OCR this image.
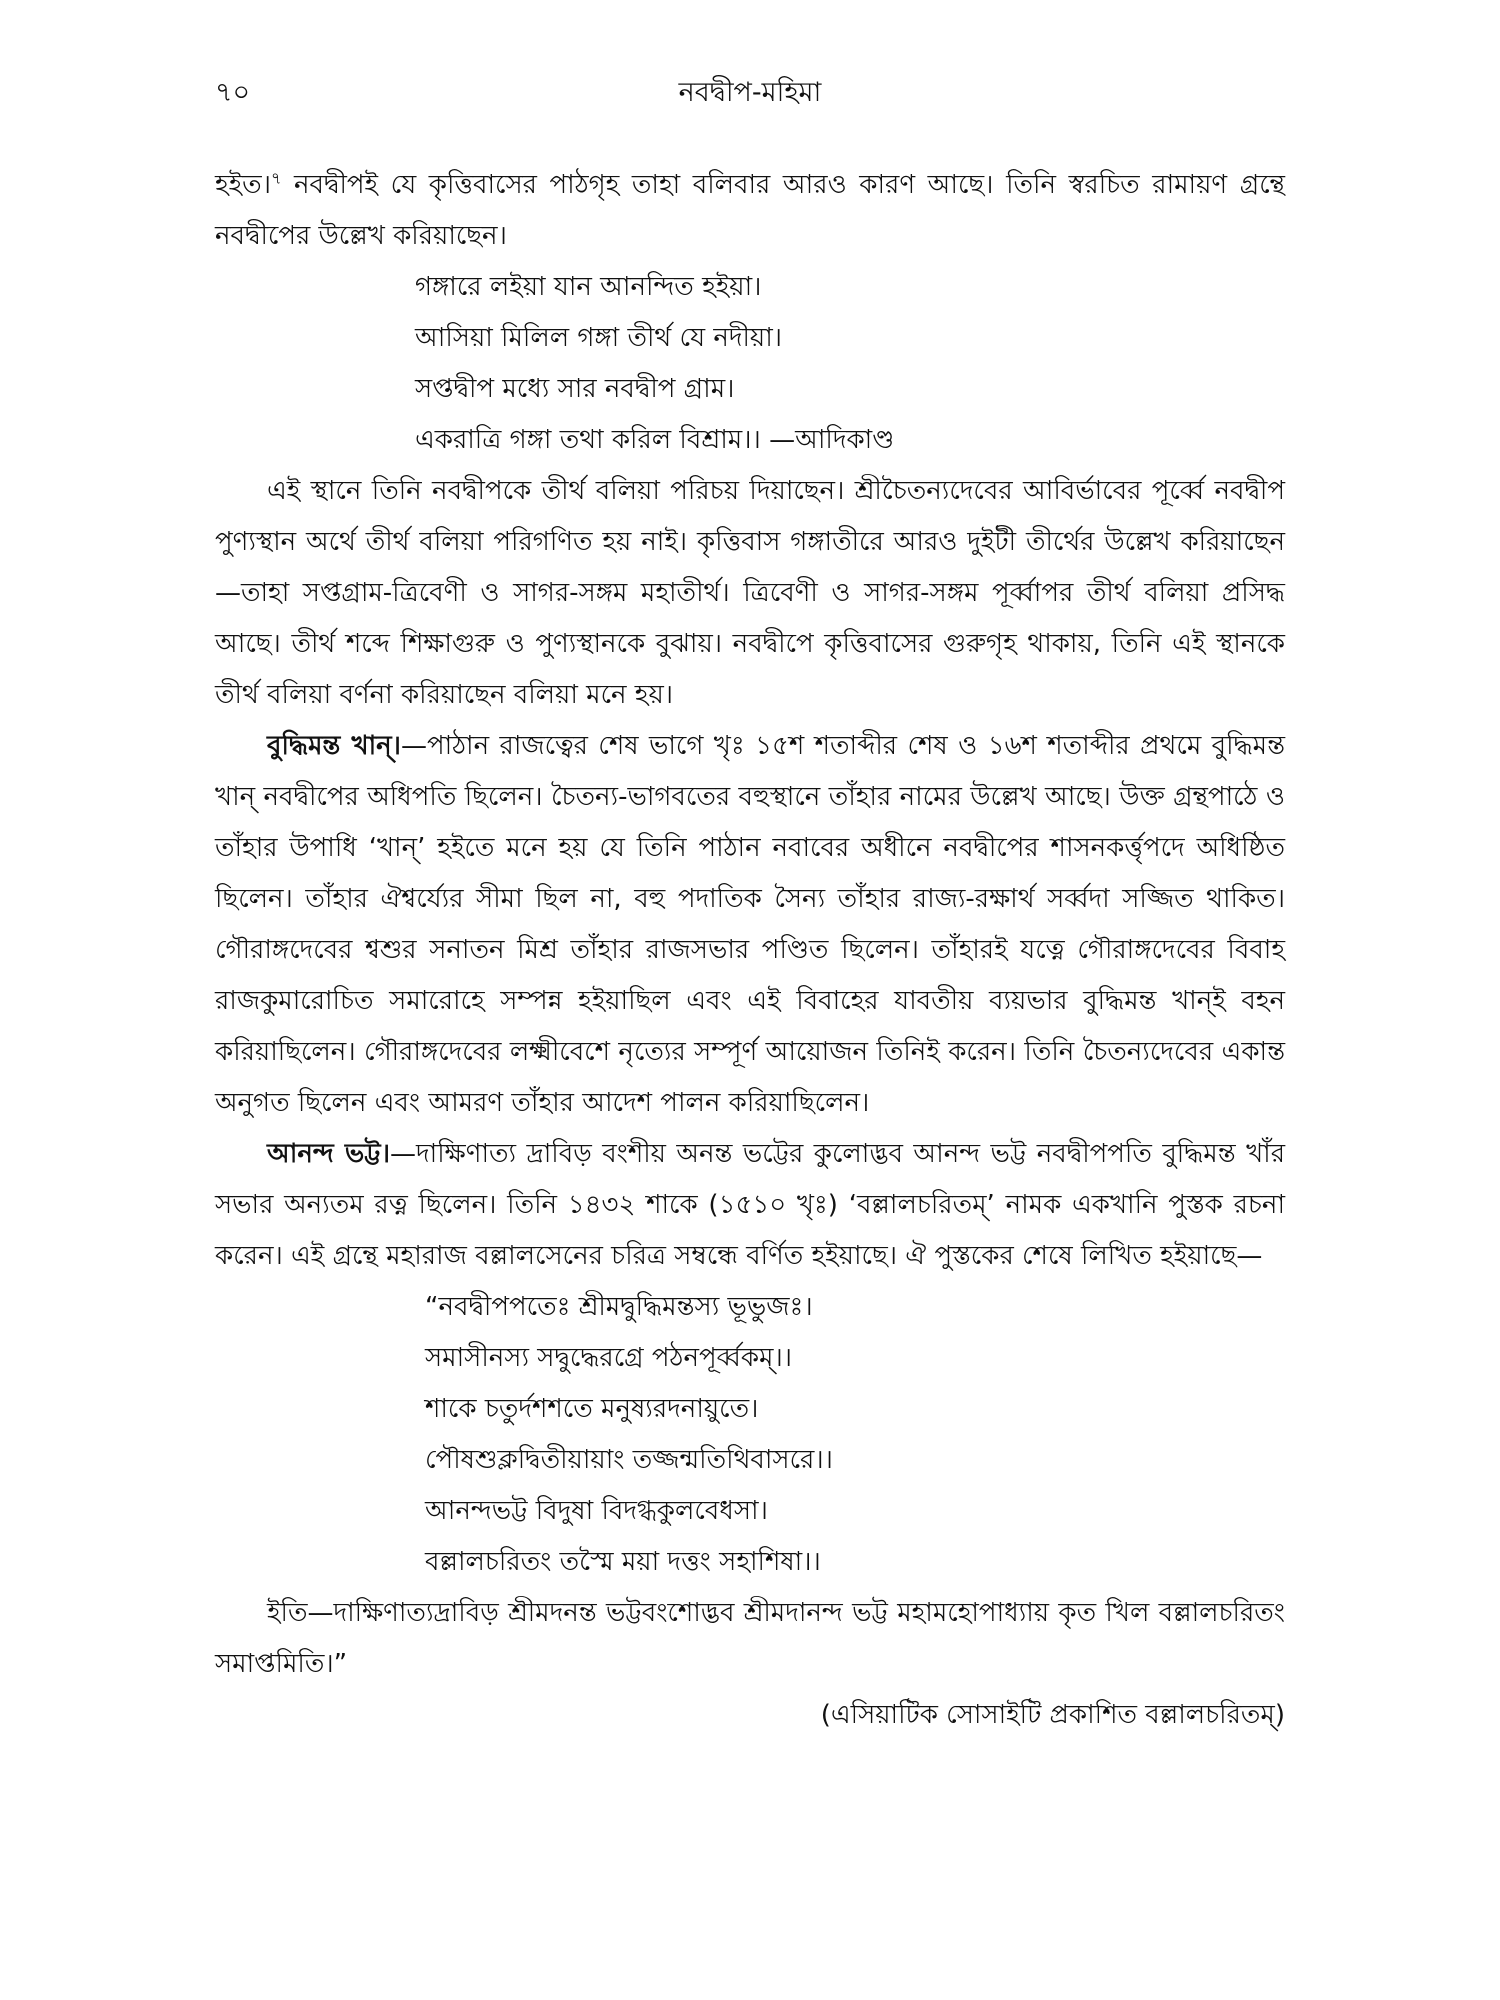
৭০	নবদ্বীপ-মহিমা

হইত।$^৭$ নবদ্বীপই যে কৃত্তিবাসের পাঠগৃহ তাহা বলিবার আরও কারণ আছে। তিনি স্বরচিত রামায়ণ গ্রন্থে নবদ্বীপের উল্লেখ করিয়াছেন।

গঙ্গারে লইয়া যান আনন্দিত হইয়া।

আসিয়া মিলিল গঙ্গা তীর্থ যে নদীয়া।

সপ্তদ্বীপ মধ্যে সার নবদ্বীপ গ্রাম।

একরাত্রি গঙ্গা তথা করিল বিশ্রাম।। —আদিকাণ্ড

এই স্থানে তিনি নবদ্বীপকে তীর্থ বলিয়া পরিচয় দিয়াছেন। শ্রীচৈতন্যদেবের আবির্ভাবের পূর্ব্বে নবদ্বীপ পুণ্যস্থান অর্থে তীর্থ বলিয়া পরিগণিত হয় নাই। কৃত্তিবাস গঙ্গাতীরে আরও দুইটী তীর্থের উল্লেখ করিয়াছেন—তাহা সপ্তগ্রাম-ত্রিবেণী ও সাগর-সঙ্গম মহাতীর্থ। ত্রিবেণী ও সাগর-সঙ্গম পূর্ব্বাপর তীর্থ বলিয়া প্রসিদ্ধ আছে। তীর্থ শব্দে শিক্ষাগুরু ও পুণ্যস্থানকে বুঝায়। নবদ্বীপে কৃত্তিবাসের গুরুগৃহ থাকায়, তিনি এই স্থানকে তীর্থ বলিয়া বর্ণনা করিয়াছেন বলিয়া মনে হয়।

বুদ্ধিমন্ত খান্।—পাঠান রাজত্বের শেষ ভাগে খৃঃ ১৫শ শতাব্দীর শেষ ও ১৬শ শতাব্দীর প্রথমে বুদ্ধিমন্ত খান্ নবদ্বীপের অধিপতি ছিলেন। চৈতন্য-ভাগবতের বহুস্থানে তাঁহার নামের উল্লেখ আছে। উক্ত গ্রন্থপাঠে ও তাঁহার উপাধি ‘খান্’ হইতে মনে হয় যে তিনি পাঠান নবাবের অধীনে নবদ্বীপের শাসনকর্ত্তৃপদে অধিষ্ঠিত ছিলেন। তাঁহার ঐশ্বর্য্যের সীমা ছিল না, বহু পদাতিক সৈন্য তাঁহার রাজ্য-রক্ষার্থ সর্ব্বদা সজ্জিত থাকিত। গৌরাঙ্গদেবের শ্বশুর সনাতন মিশ্র তাঁহার রাজসভার পণ্ডিত ছিলেন। তাঁহারই যত্নে গৌরাঙ্গদেবের বিবাহ রাজকুমারোচিত সমারোহে সম্পন্ন হইয়াছিল এবং এই বিবাহের যাবতীয় ব্যয়ভার বুদ্ধিমন্ত খান্ই বহন করিয়াছিলেন। গৌরাঙ্গদেবের লক্ষ্মীবেশে নৃত্যের সম্পূর্ণ আয়োজন তিনিই করেন। তিনি চৈতন্যদেবের একান্ত অনুগত ছিলেন এবং আমরণ তাঁহার আদেশ পালন করিয়াছিলেন।

আনন্দ ভট্ট।—দাক্ষিণাত্য দ্রাবিড় বংশীয় অনন্ত ভট্টের কুলোদ্ভব আনন্দ ভট্ট নবদ্বীপপতি বুদ্ধিমন্ত খাঁর সভার অন্যতম রত্ন ছিলেন। তিনি ১৪৩২ শাকে (১৫১০ খৃঃ) ‘বল্লালচরিতম্’ নামক একখানি পুস্তক রচনা করেন। এই গ্রন্থে মহারাজ বল্লালসেনের চরিত্র সম্বন্ধে বর্ণিত হইয়াছে। ঐ পুস্তকের শেষে লিখিত হইয়াছে—

“নবদ্বীপপতেঃ শ্রীমদ্বুদ্ধিমন্তস্য ভূভুজঃ।

সমাসীনস্য সদ্বুদ্ধেরগ্রে পঠনপূর্ব্বকম্।।

শাকে চতুর্দশশতে মনুষ্যরদনায়ুতে।

পৌষশুক্লদ্বিতীয়ায়াং তজ্জন্মতিথিবাসরে।।

আনন্দভট্ট বিদুষা বিদগ্ধকুলবেধসা।

বল্লালচরিতং তস্মৈ ময়া দত্তং সহাশিষা।।

ইতি—দাক্ষিণাত্যদ্রাবিড় শ্রীমদনন্ত ভট্টবংশোদ্ভব শ্রীমদানন্দ ভট্ট মহামহোপাধ্যায় কৃত খিল বল্লালচরিতং সমাপ্তমিতি।”

(এসিয়াটিক সোসাইটি প্রকাশিত বল্লালচরিতম্)
